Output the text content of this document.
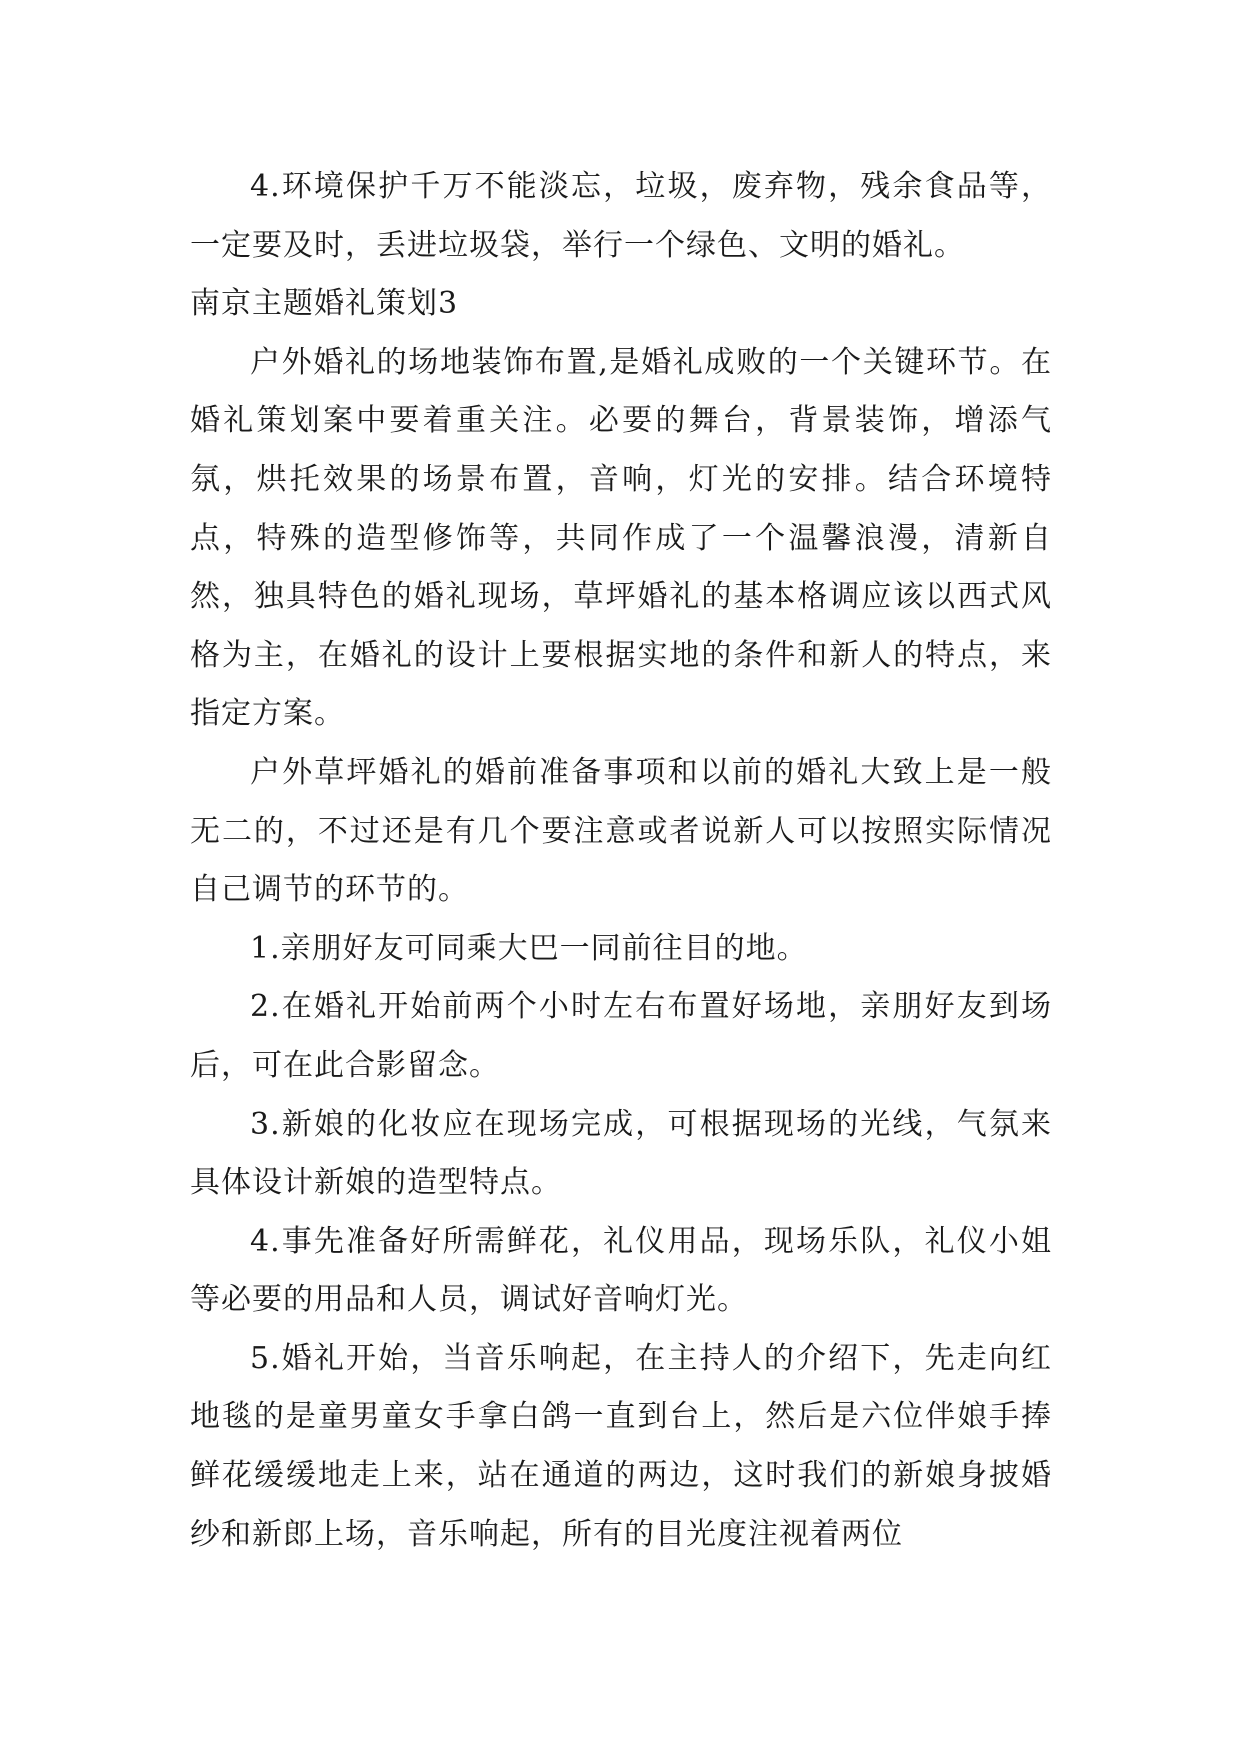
4.环境保护千万不能淡忘，垃圾，废弃物，残余食品等，一定要及时，丢进垃圾袋，举行一个绿色、文明的婚礼。

南京主题婚礼策划3

户外婚礼的场地装饰布置,是婚礼成败的一个关键环节。在婚礼策划案中要着重关注。必要的舞台，背景装饰，增添气氛，烘托效果的场景布置，音响，灯光的安排。结合环境特点，特殊的造型修饰等，共同作成了一个温馨浪漫，清新自然，独具特色的婚礼现场，草坪婚礼的基本格调应该以西式风格为主，在婚礼的设计上要根据实地的条件和新人的特点，来指定方案。

户外草坪婚礼的婚前准备事项和以前的婚礼大致上是一般无二的，不过还是有几个要注意或者说新人可以按照实际情况自己调节的环节的。

1.亲朋好友可同乘大巴一同前往目的地。

2.在婚礼开始前两个小时左右布置好场地，亲朋好友到场后，可在此合影留念。

3.新娘的化妆应在现场完成，可根据现场的光线，气氛来具体设计新娘的造型特点。

4.事先准备好所需鲜花，礼仪用品，现场乐队，礼仪小姐等必要的用品和人员，调试好音响灯光。

5.婚礼开始，当音乐响起，在主持人的介绍下，先走向红地毯的是童男童女手拿白鸽一直到台上，然后是六位伴娘手捧鲜花缓缓地走上来，站在通道的两边，这时我们的新娘身披婚纱和新郎上场，音乐响起，所有的目光度注视着两位
